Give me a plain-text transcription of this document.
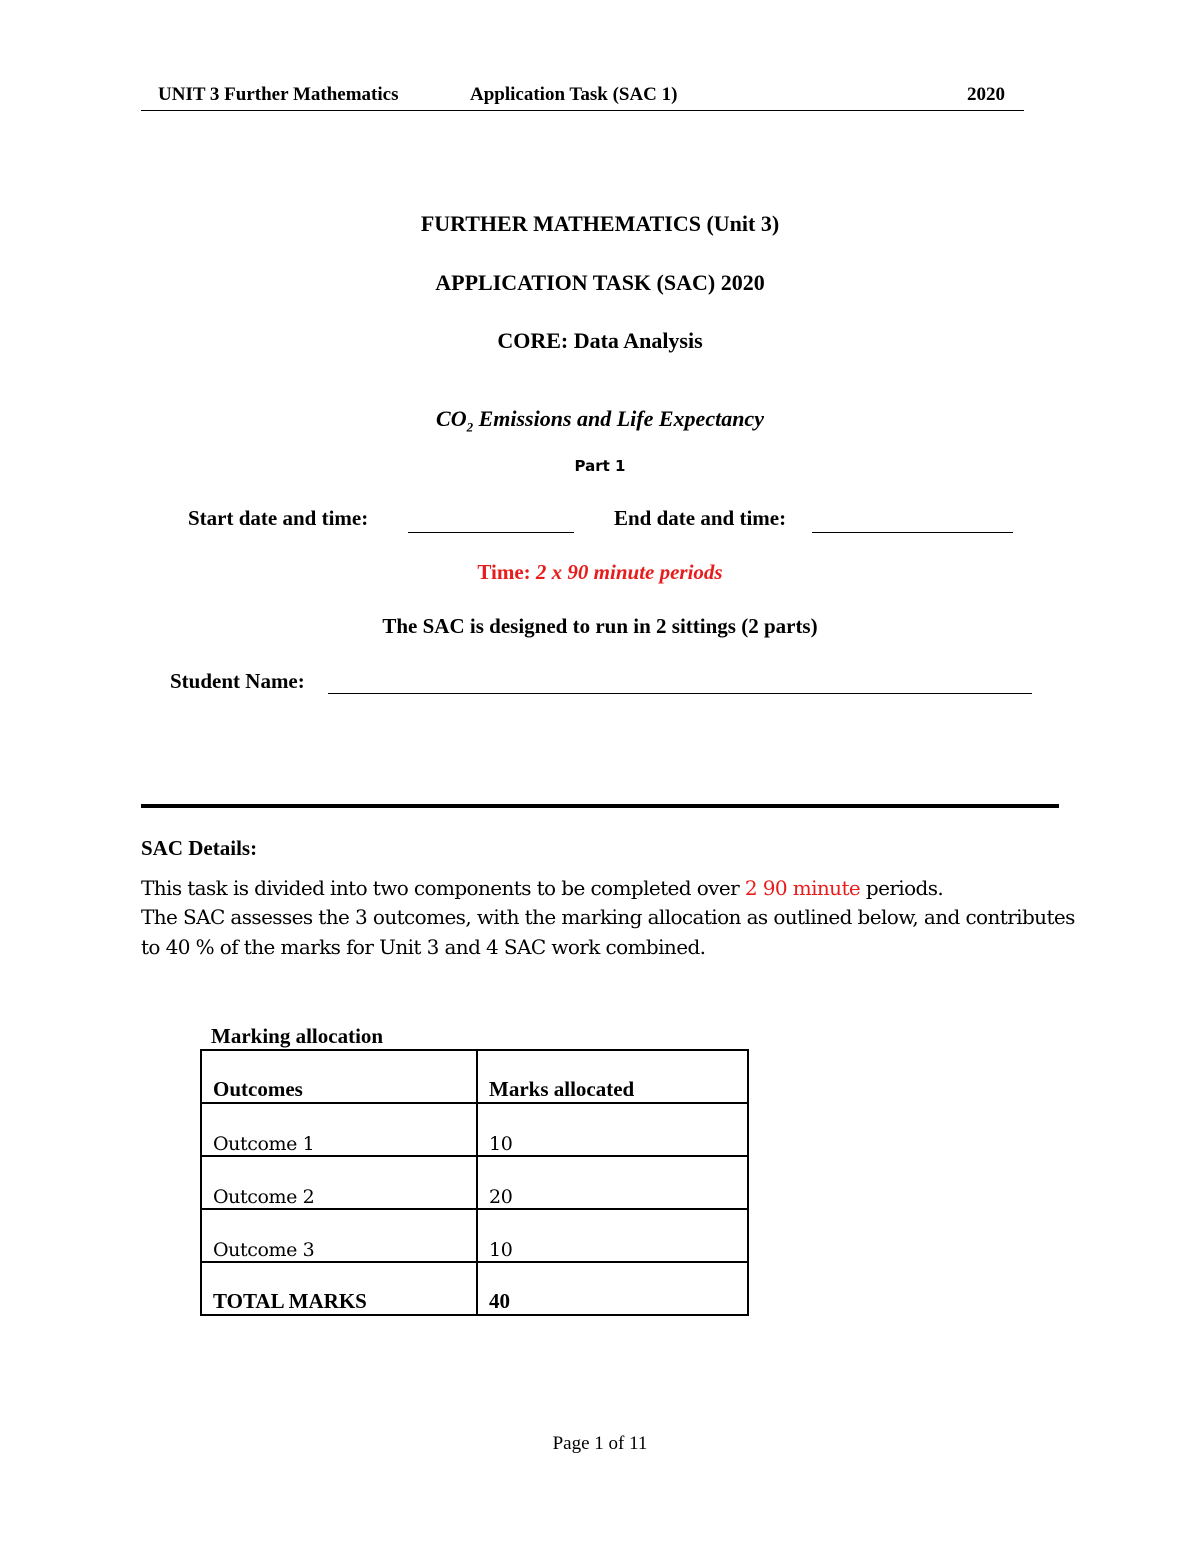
UNIT 3 Further Mathematics	Application Task (SAC 1)	2020
FURTHER MATHEMATICS (Unit 3)
APPLICATION TASK (SAC) 2020
CORE: Data Analysis
$CO_2$ Emissions and Life Expectancy
Part 1
Start date and time:	End date and time:
Time: 2 x 90 minute periods
The SAC is designed to run in 2 sittings (2 parts)
Student Name:
SAC Details:
This task is divided into two components to be completed over 2 90 minute periods.
The SAC assesses the 3 outcomes, with the marking allocation as outlined below, and contributes
to 40 % of the marks for Unit 3 and 4 SAC work combined.
Marking allocation
Outcomes	Marks allocated
Outcome 1	10
Outcome 2	20
Outcome 3	10
TOTAL MARKS	40
Page 1 of 11
